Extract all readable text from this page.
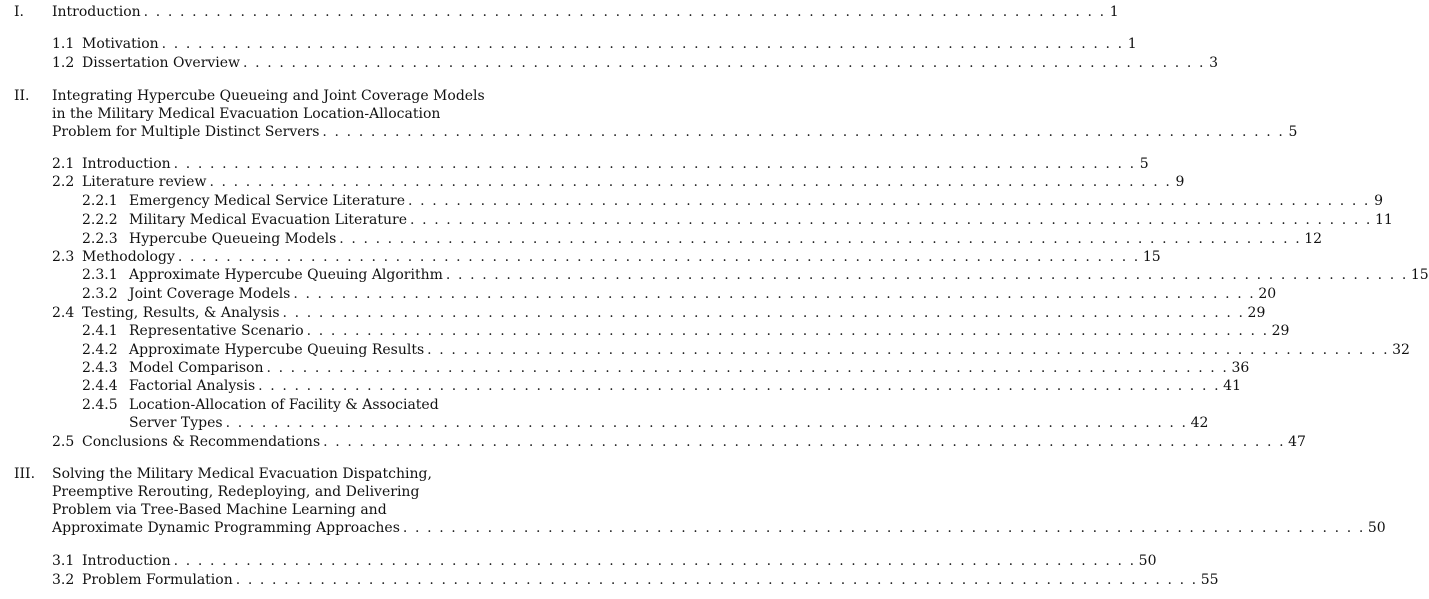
I.	Introduction . . . . . . . . . . . . . . . . . . . . . . . . . . . . . . . . . . . . . . . . . . . . . . . . . . . . . . . . . . . . . . . . . . . . . . . . . . . . . . . . 1
1.1 Motivation . . . . . . . . . . . . . . . . . . . . . . . . . . . . . . . . . . . . . . . . . . . . . . . . . . . . . . . . . . . . . . . . . . . . . . . . . . . . . . . . 1
1.2 Dissertation Overview . . . . . . . . . . . . . . . . . . . . . . . . . . . . . . . . . . . . . . . . . . . . . . . . . . . . . . . . . . . . . . . . . . . . . . . . . . . . . . . . 3
II.	Integrating Hypercube Queueing and Joint Coverage Models
in the Military Medical Evacuation Location-Allocation
Problem for Multiple Distinct Servers . . . . . . . . . . . . . . . . . . . . . . . . . . . . . . . . . . . . . . . . . . . . . . . . . . . . . . . . . . . . . . . . . . . . . . . . . . . . . . . . 5
2.1 Introduction . . . . . . . . . . . . . . . . . . . . . . . . . . . . . . . . . . . . . . . . . . . . . . . . . . . . . . . . . . . . . . . . . . . . . . . . . . . . . . . . 5
2.2 Literature review . . . . . . . . . . . . . . . . . . . . . . . . . . . . . . . . . . . . . . . . . . . . . . . . . . . . . . . . . . . . . . . . . . . . . . . . . . . . . . . . 9
2.2.1 Emergency Medical Service Literature . . . . . . . . . . . . . . . . . . . . . . . . . . . . . . . . . . . . . . . . . . . . . . . . . . . . . . . . . . . . . . . . . . . . . . . . . . . . . . . . 9
2.2.2 Military Medical Evacuation Literature . . . . . . . . . . . . . . . . . . . . . . . . . . . . . . . . . . . . . . . . . . . . . . . . . . . . . . . . . . . . . . . . . . . . . . . . . . . . . . . . 11
2.2.3 Hypercube Queueing Models . . . . . . . . . . . . . . . . . . . . . . . . . . . . . . . . . . . . . . . . . . . . . . . . . . . . . . . . . . . . . . . . . . . . . . . . . . . . . . . . 12
2.3 Methodology . . . . . . . . . . . . . . . . . . . . . . . . . . . . . . . . . . . . . . . . . . . . . . . . . . . . . . . . . . . . . . . . . . . . . . . . . . . . . . . . 15
2.3.1 Approximate Hypercube Queuing Algorithm . . . . . . . . . . . . . . . . . . . . . . . . . . . . . . . . . . . . . . . . . . . . . . . . . . . . . . . . . . . . . . . . . . . . . . . . . . . . . . . . 15
2.3.2 Joint Coverage Models . . . . . . . . . . . . . . . . . . . . . . . . . . . . . . . . . . . . . . . . . . . . . . . . . . . . . . . . . . . . . . . . . . . . . . . . . . . . . . . . 20
2.4 Testing, Results, & Analysis . . . . . . . . . . . . . . . . . . . . . . . . . . . . . . . . . . . . . . . . . . . . . . . . . . . . . . . . . . . . . . . . . . . . . . . . . . . . . . . . 29
2.4.1 Representative Scenario . . . . . . . . . . . . . . . . . . . . . . . . . . . . . . . . . . . . . . . . . . . . . . . . . . . . . . . . . . . . . . . . . . . . . . . . . . . . . . . . 29
2.4.2 Approximate Hypercube Queuing Results . . . . . . . . . . . . . . . . . . . . . . . . . . . . . . . . . . . . . . . . . . . . . . . . . . . . . . . . . . . . . . . . . . . . . . . . . . . . . . . . 32
2.4.3 Model Comparison . . . . . . . . . . . . . . . . . . . . . . . . . . . . . . . . . . . . . . . . . . . . . . . . . . . . . . . . . . . . . . . . . . . . . . . . . . . . . . . . 36
2.4.4 Factorial Analysis . . . . . . . . . . . . . . . . . . . . . . . . . . . . . . . . . . . . . . . . . . . . . . . . . . . . . . . . . . . . . . . . . . . . . . . . . . . . . . . . 41
2.4.5 Location-Allocation of Facility & Associated
Server Types . . . . . . . . . . . . . . . . . . . . . . . . . . . . . . . . . . . . . . . . . . . . . . . . . . . . . . . . . . . . . . . . . . . . . . . . . . . . . . . . 42
2.5 Conclusions & Recommendations . . . . . . . . . . . . . . . . . . . . . . . . . . . . . . . . . . . . . . . . . . . . . . . . . . . . . . . . . . . . . . . . . . . . . . . . . . . . . . . . 47
III.	Solving the Military Medical Evacuation Dispatching,
Preemptive Rerouting, Redeploying, and Delivering
Problem via Tree-Based Machine Learning and
Approximate Dynamic Programming Approaches . . . . . . . . . . . . . . . . . . . . . . . . . . . . . . . . . . . . . . . . . . . . . . . . . . . . . . . . . . . . . . . . . . . . . . . . . . . . . . . . 50
3.1 Introduction . . . . . . . . . . . . . . . . . . . . . . . . . . . . . . . . . . . . . . . . . . . . . . . . . . . . . . . . . . . . . . . . . . . . . . . . . . . . . . . . 50
3.2 Problem Formulation . . . . . . . . . . . . . . . . . . . . . . . . . . . . . . . . . . . . . . . . . . . . . . . . . . . . . . . . . . . . . . . . . . . . . . . . . . . . . . . . 55
